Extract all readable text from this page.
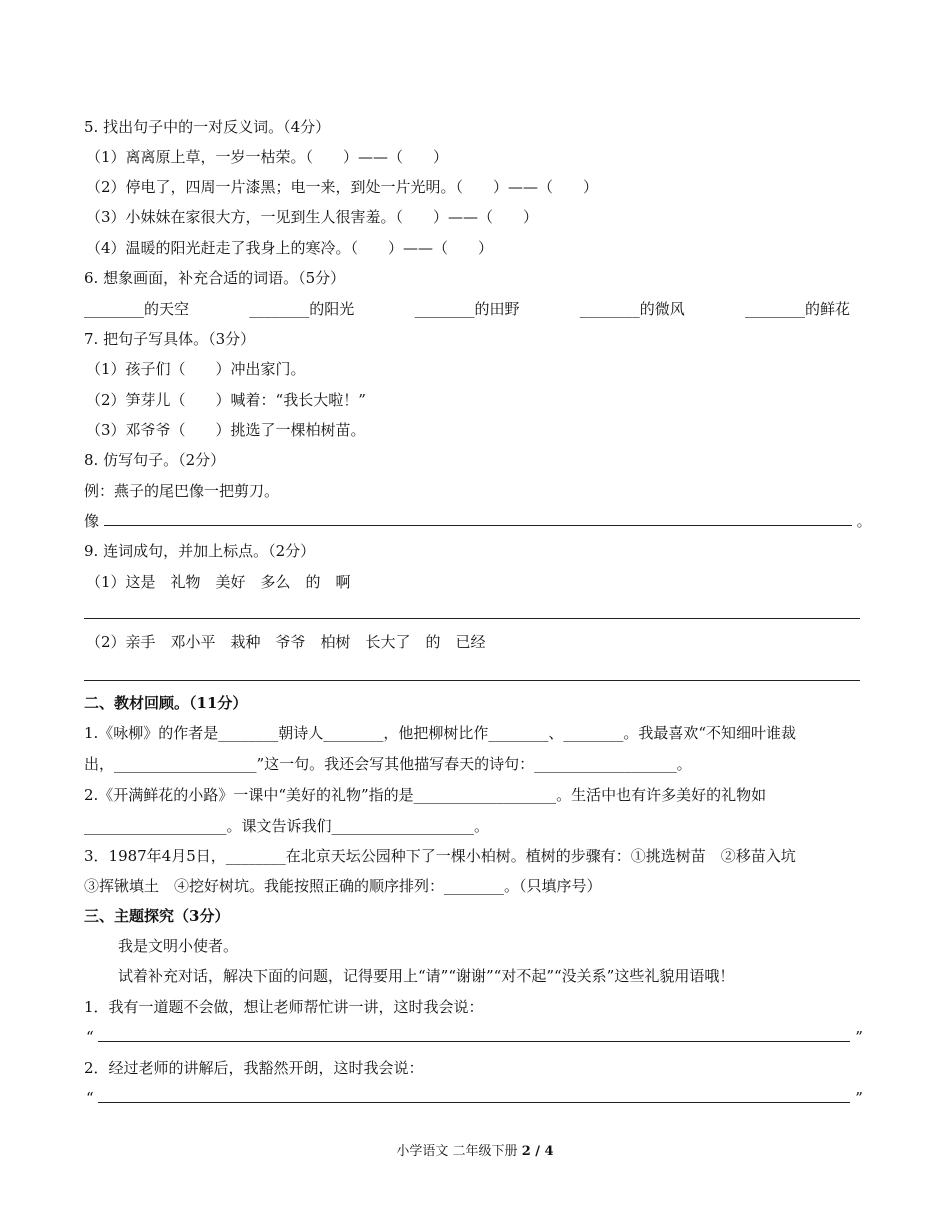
5. 找出句子中的一对反义词。（4分）
（1）离离原上草，一岁一枯荣。（　　）——（　　）
（2）停电了，四周一片漆黑；电一来，到处一片光明。（　　）——（　　）
（3）小妹妹在家很大方，一见到生人很害羞。（　　）——（　　）
（4）温暖的阳光赶走了我身上的寒冷。（　　）——（　　）
6. 想象画面，补充合适的词语。（5分）
________的天空	________的阳光	________的田野	________的微风	________的鲜花
7. 把句子写具体。（3分）
（1）孩子们（　　）冲出家门。
（2）笋芽儿（　　）喊着：“我长大啦！”
（3）邓爷爷（　　）挑选了一棵柏树苗。
8. 仿写句子。（2分）
例：燕子的尾巴像一把剪刀。
像	。
9. 连词成句，并加上标点。（2分）
（1）这是　礼物　美好　多么　的　啊
（2）亲手　邓小平　栽种　爷爷　柏树　长大了　的　已经
二、教材回顾。（11分）
1.《咏柳》的作者是________朝诗人________，他把柳树比作________、________。我最喜欢“不知细叶谁裁
出，___________________”这一句。我还会写其他描写春天的诗句：___________________。
2.《开满鲜花的小路》一课中“美好的礼物”指的是___________________。生活中也有许多美好的礼物如
___________________。课文告诉我们___________________。
3．1987年4月5日，________在北京天坛公园种下了一棵小柏树。植树的步骤有：①挑选树苗　②移苗入坑
③挥锹填土　④挖好树坑。我能按照正确的顺序排列：________。（只填序号）
三、主题探究（3分）
我是文明小使者。
试着补充对话，解决下面的问题，记得要用上“请”“谢谢”“对不起”“没关系”这些礼貌用语哦！
1．我有一道题不会做，想让老师帮忙讲一讲，这时我会说：
“	”
2．经过老师的讲解后，我豁然开朗，这时我会说：
“	”
小学语文 二年级下册 2 / 4
